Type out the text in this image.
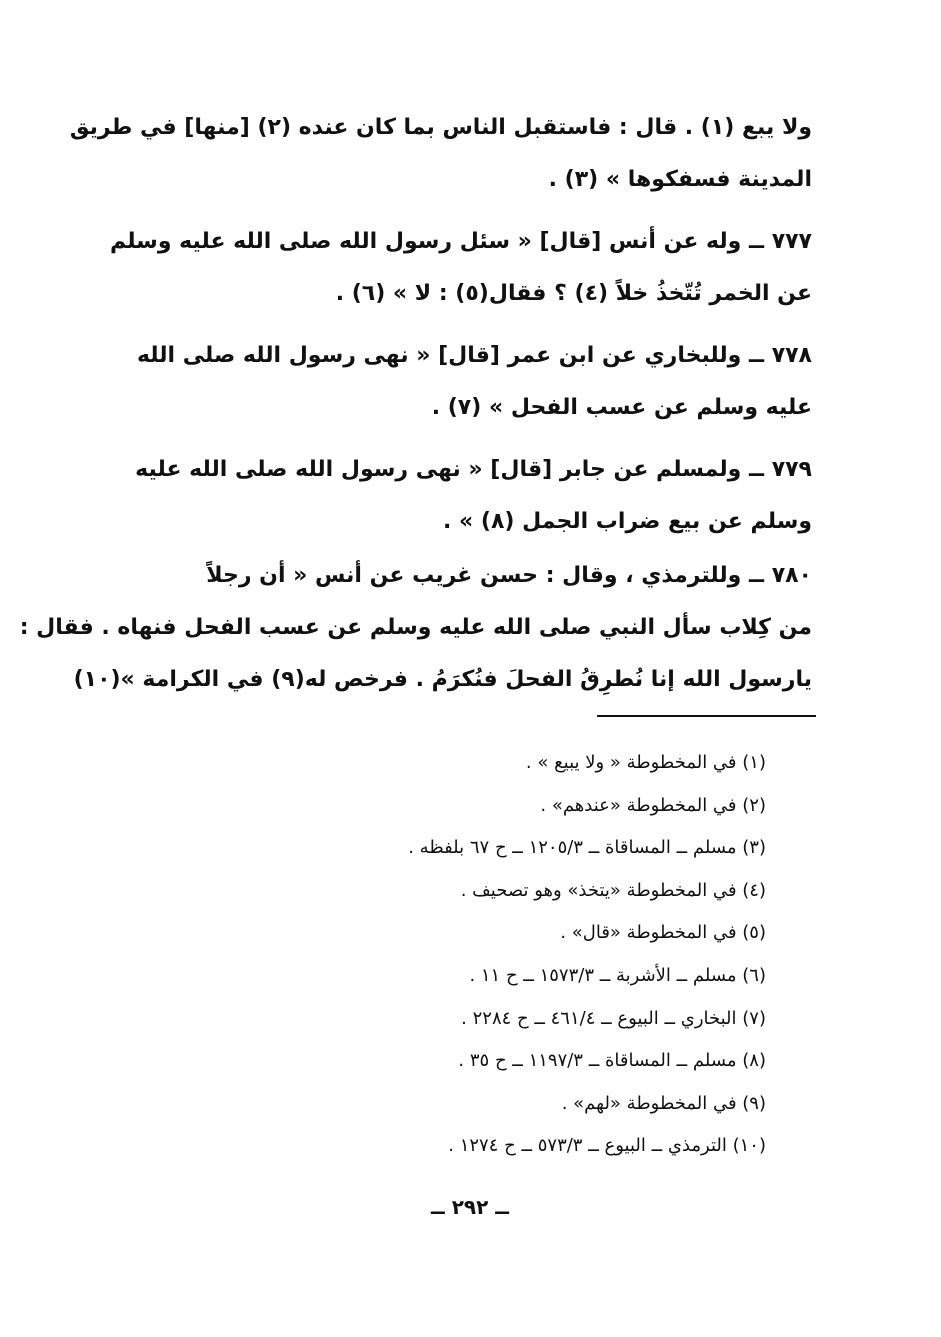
ولا يبع (١) . قال : فاستقبل الناس بما كان عنده (٢) [منها] في طريق
المدينة فسفكوها » (٣) .
٧٧٧ ــ وله عن أنس [قال] « سئل رسول الله صلى الله عليه وسلم
عن الخمر تُتّخذُ خلاً (٤) ؟ فقال(٥) : لا » (٦) .
٧٧٨ ــ وللبخاري عن ابن عمر [قال] « نهى رسول الله صلى الله
عليه وسلم عن عسب الفحل » (٧) .
٧٧٩ ــ ولمسلم عن جابر [قال] « نهى رسول الله صلى الله عليه
وسلم عن بيع ضراب الجمل (٨) » .
٧٨٠ ــ وللترمذي ، وقال : حسن غريب عن أنس « أن رجلاً
من كِلاب سأل النبي صلى الله عليه وسلم عن عسب الفحل فنهاه . فقال :
يارسول الله إنا نُطرِقُ الفحلَ فنُكرَمُ . فرخص له(٩) في الكرامة »(١٠)
(١) في المخطوطة « ولا يبيع » .
(٢) في المخطوطة «عندهم» .
(٣) مسلم ــ المساقاة ــ ١٢٠٥/٣ ــ ح ٦٧ بلفظه .
(٤) في المخطوطة «يتخذ» وهو تصحيف .
(٥) في المخطوطة «قال» .
(٦) مسلم ــ الأشربة ــ ١٥٧٣/٣ ــ ح ١١ .
(٧) البخاري ــ البيوع ــ ٤٦١/٤ ــ ح ٢٢٨٤ .
(٨) مسلم ــ المساقاة ــ ١١٩٧/٣ ــ ح ٣٥ .
(٩) في المخطوطة «لهم» .
(١٠) الترمذي ــ البيوع ــ ٥٧٣/٣ ــ ح ١٢٧٤ .
ــ ٢٩٢ ــ
